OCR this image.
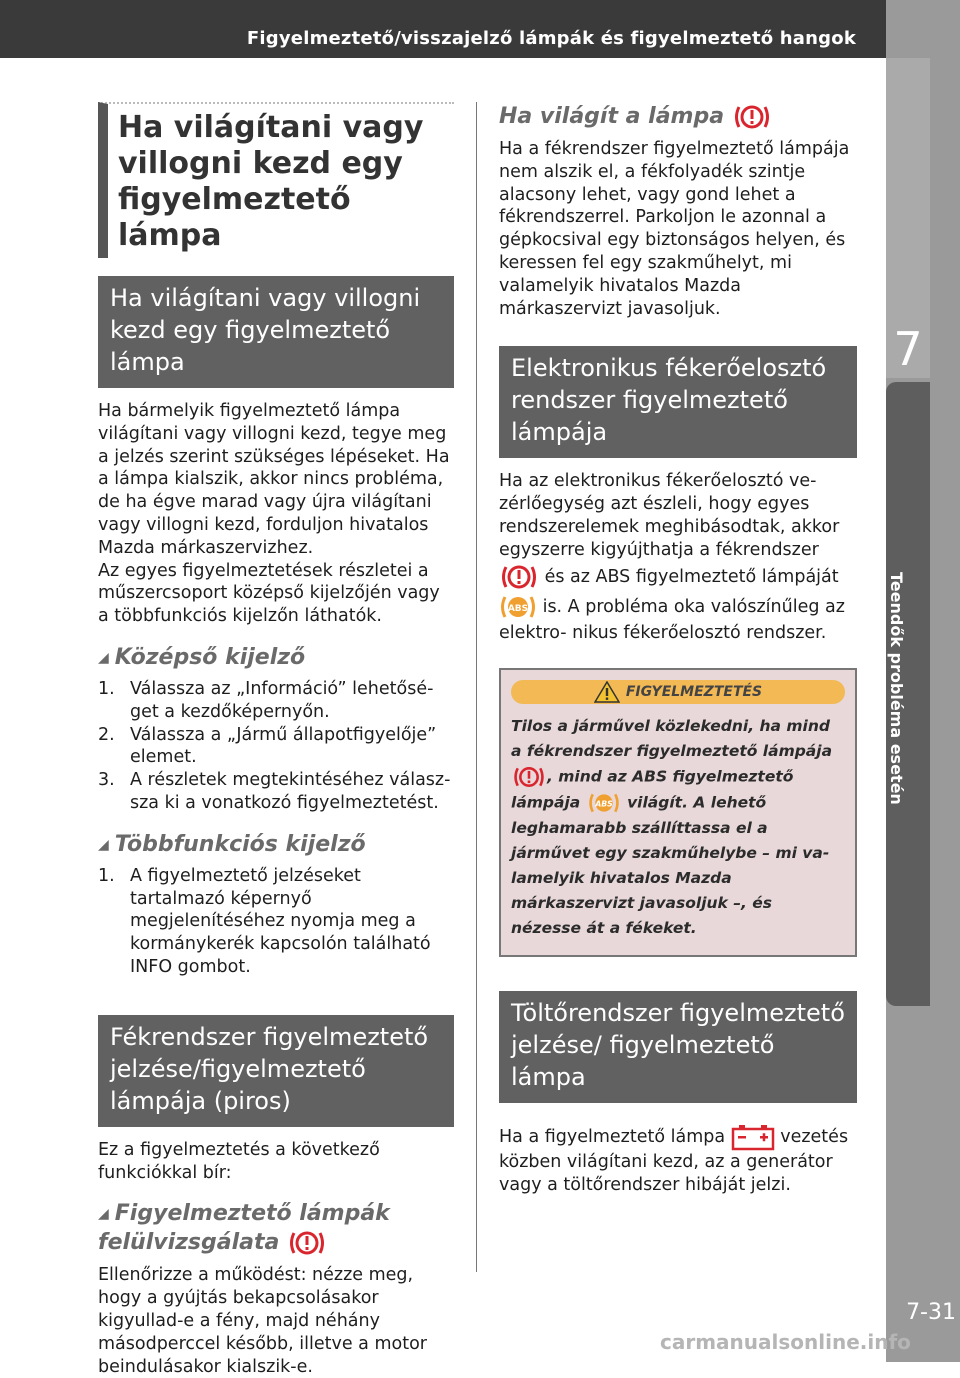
Figyelmeztető/visszajelző lámpák és figyelmeztető hangok
7
Teendők probléma esetén
7-31
carmanualsonline.info
Ha világítani vagy villogni kezd egy figyelmeztető lámpa
Ha világítani vagy villogni kezd egy figyelmeztető lámpa

Ha bármelyik figyelmeztető lámpa világítani vagy villogni kezd, tegye meg a jelzés szerint szükséges lépéseket. Ha a lámpa kialszik, akkor nincs probléma, de ha égve marad vagy újra világítani vagy villogni kezd, forduljon hivatalos Mazda márkaszervizhez.

Az egyes figyelmeztetések részletei a műszercsoport középső kijelzőjén vagy a többfunkciós kijelzőn láthatók.

◢ Középső kijelző
1. Válassza az „Információ” lehetősé- get a kezdőképernyőn.
2. Válassza a „Jármű állapotfigyelője” elemet.
3. A részletek megtekintéséhez válasz- sza ki a vonatkozó figyelmeztetést.
◢ Többfunkciós kijelző
1. A figyelmeztető jelzéseket tartalmazó képernyő megjelenítéséhez nyomja meg a kormánykerék kapcsolón található INFO gombot.
Fékrendszer figyelmeztető jelzése/figyelmeztető lámpája (piros)

Ez a figyelmeztetés a következő funkciókkal bír:

◢ Figyelmeztető lámpák felülvizsgálata

Ellenőrizze a működést: nézze meg, hogy a gyújtás bekapcsolásakor kigyullad-e a fény, majd néhány másodperccel később, illetve a motor beindulásakor kialszik-e.

Ha világít a lámpa

Ha a fékrendszer figyelmeztető lámpája nem alszik el, a fékfolyadék szintje alacsony lehet, vagy gond lehet a fékrendszerrel. Parkoljon le azonnal a gépkocsival egy biztonságos helyen, és keressen fel egy szakműhelyt, mi valamelyik hivatalos Mazda márkaszervizt javasoljuk.

Elektronikus fékerőelosztó rendszer figyelmeztető lámpája

Ha az elektronikus fékerőelosztó ve- zérlőegység azt észleli, hogy egyes rendszerelemek meghibásodtak, akkor egyszerre kigyújthatja a fékrendszer  és az ABS figyelmeztető lámpáját
ABS is. A probléma oka valószínűleg az elektro- nikus fékerőelosztó rendszer.

FIGYELMEZTETÉS
Tilos a járművel közlekedni, ha mind a fékrendszer figyelmeztető lámpája , mind az ABS figyelmeztető lámpája ABS világít. A lehető leghamarabb szállíttassa el a járművet egy szakműhelybe – mi va- lamelyik hivatalos Mazda márkaszervizt javasoljuk –, és nézesse át a fékeket.
Töltőrendszer figyelmeztető jelzése/ figyelmeztető lámpa

Ha a figyelmeztető lámpa	vezetés közben világítani kezd, az a generátor vagy a töltőrendszer hibáját jelzi.
